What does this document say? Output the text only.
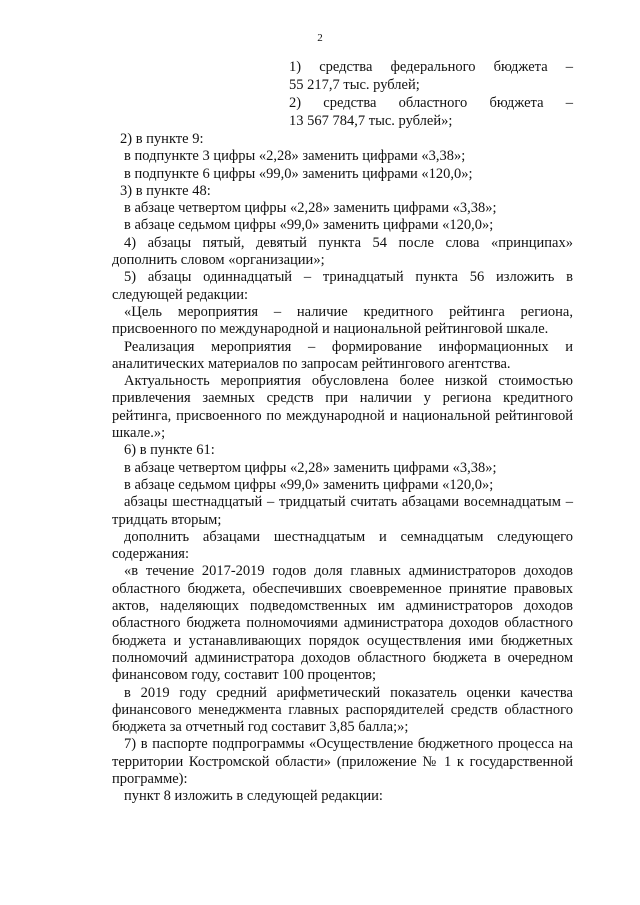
2
1) средства федерального бюджета –
55 217,7 тыс. рублей;
2) средства областного бюджета –
13 567 784,7 тыс. рублей»;

2) в пункте 9:

в подпункте 3 цифры «2,28» заменить цифрами «3,38»;

в подпункте 6 цифры «99,0» заменить цифрами «120,0»;

3) в пункте 48:

в абзаце четвертом цифры «2,28» заменить цифрами «3,38»;

в абзаце седьмом цифры «99,0» заменить цифрами «120,0»;

4) абзацы пятый, девятый пункта 54 после слова «принципах» дополнить словом «организации»;

5) абзацы одиннадцатый – тринадцатый пункта 56 изложить в следующей редакции:

«Цель мероприятия – наличие кредитного рейтинга региона, присвоенного по международной и национальной рейтинговой шкале.

Реализация мероприятия – формирование информационных и аналитических материалов по запросам рейтингового агентства.

Актуальность мероприятия обусловлена более низкой стоимостью привлечения заемных средств при наличии у региона кредитного рейтинга, присвоенного по международной и национальной рейтинговой шкале.»;

6) в пункте 61:

в абзаце четвертом цифры «2,28» заменить цифрами «3,38»;

в абзаце седьмом цифры «99,0» заменить цифрами «120,0»;

абзацы шестнадцатый – тридцатый считать абзацами восемнадцатым – тридцать вторым;

дополнить абзацами шестнадцатым и семнадцатым следующего содержания:

«в течение 2017-2019 годов доля главных администраторов доходов областного бюджета, обеспечивших своевременное принятие правовых актов, наделяющих подведомственных им администраторов доходов областного бюджета полномочиями администратора доходов областного бюджета и устанавливающих порядок осуществления ими бюджетных полномочий администратора доходов областного бюджета в очередном финансовом году, составит 100 процентов;

в 2019 году средний арифметический показатель оценки качества финансового менеджмента главных распорядителей средств областного бюджета за отчетный год составит 3,85 балла;»;

7) в паспорте подпрограммы «Осуществление бюджетного процесса на территории Костромской области» (приложение № 1 к государственной программе):

пункт 8 изложить в следующей редакции:
